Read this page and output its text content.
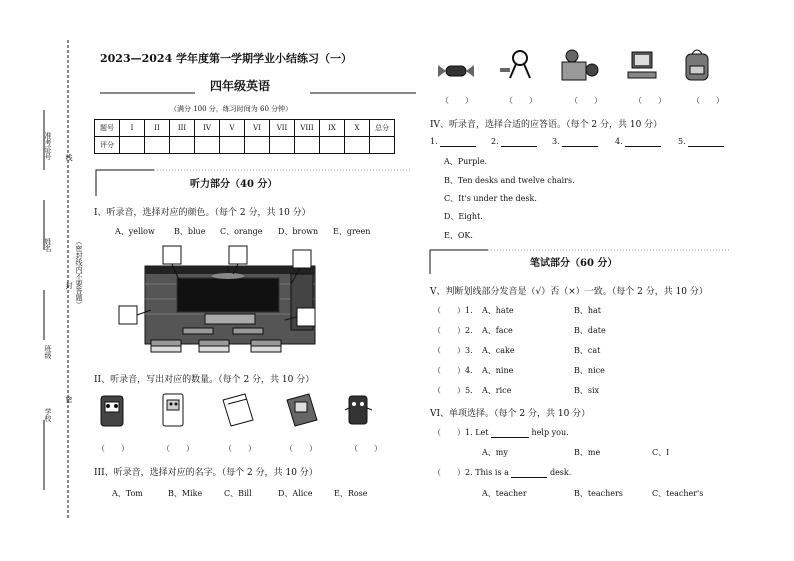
准考证号 线
姓名
封 （密封线内不要答题）
班级
密
学校
2023—2024 学年度第一学期学业小结练习（一）
四年级英语
（满分 100 分，练习时间为 60 分钟）
题号	I	II	III	IV	V	VI	VII	VIII	IX	X	总分
评分											
听力部分（40 分）
I、听录音，选择对应的颜色。（每个 2 分，共 10 分）
A、yellow B、blue C、orange D、brown E、green
II、听录音，写出对应的数量。（每个 2 分，共 10 分）
（　　）	（　　）	（　　）	（　　）	（　　）
III、听录音，选择对应的名字。（每个 2 分，共 10 分）
A、Tom	B、Mike	C、Bill	D、Alice	E、Rose
（　　）	（　　）	（　　）	（　　）	（　　）
IV、听录音，选择合适的应答语。（每个 2 分，共 10 分）
1.	2.	3.	4.	5.
A、Purple.
B、Ten desks and twelve chairs.
C、It's under the desk.
D、Eight.
E、OK.
笔试部分（60 分）
V、判断划线部分发音是（√）否（×）一致。（每个 2 分，共 10 分）
（　　）1. A、hate	B、hat
（　　）2. A、face	B、date
（　　）3. A、cake	B、cat
（　　）4. A、nine	B、nice
（　　）5. A、rice	B、six
VI、单项选择。（每个 2 分，共 10 分）
（　　）1. Let	help you.
A、my	B、me	C、I
（　　）2. This is a	desk.
A、teacher	B、teachers	C、teacher's
